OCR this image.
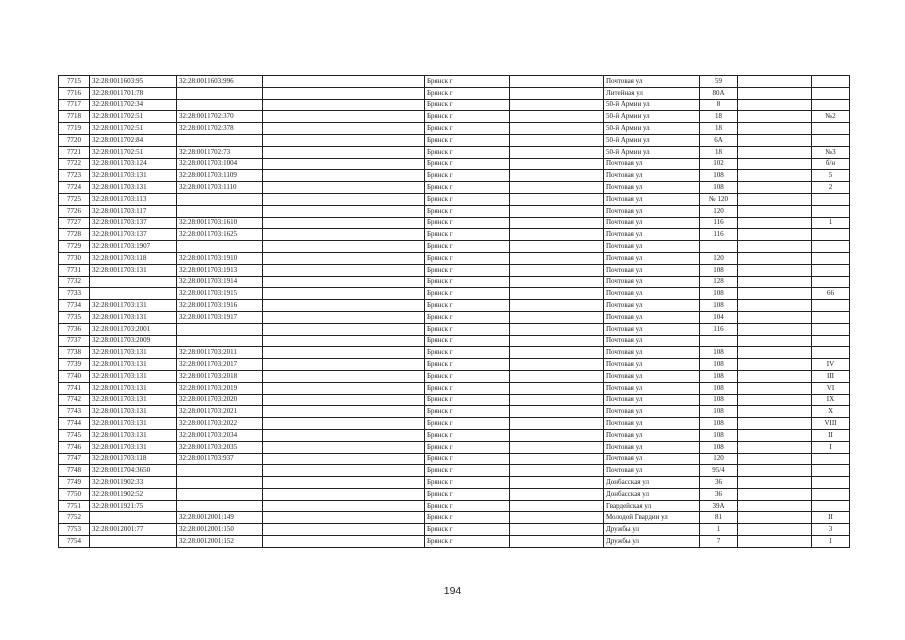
7715	32:28:0011603:95	32:28:0011603:996		Брянск г		Почтовая ул	59		
7716	32:28:0011701:78			Брянск г		Литейная ул	80А		
7717	32:28:0011702:34			Брянск г		50-й Армии ул	8		
7718	32:28:0011702:51	32:28:0011702:370		Брянск г		50-й Армии ул	18		№2
7719	32:28:0011702:51	32:28:0011702:378		Брянск г		50-й Армии ул	18		
7720	32:28:0011702:84			Брянск г		50-й Армии ул	6А		
7721	32:28:0011702:51	32:28:0011702:73		Брянск г		50-й Армии ул	18		№3
7722	32:28:0011703:124	32:28:0011703:1004		Брянск г		Почтовая ул	102		б/н
7723	32:28:0011703:131	32:28:0011703:1109		Брянск г		Почтовая ул	108		5
7724	32:28:0011703:131	32:28:0011703:1110		Брянск г		Почтовая ул	108		2
7725	32:28:0011703:113			Брянск г		Почтовая ул	№ 120		
7726	32:28:0011703:117			Брянск г		Почтовая ул	120		
7727	32:28:0011703:137	32:28:0011703:1610		Брянск г		Почтовая ул	116		1
7728	32:28:0011703:137	32:28:0011703:1625		Брянск г		Почтовая ул	116		
7729	32:28:0011703:1907			Брянск г		Почтовая ул			
7730	32:28:0011703:118	32:28:0011703:1910		Брянск г		Почтовая ул	120		
7731	32:28:0011703:131	32:28:0011703:1913		Брянск г		Почтовая ул	108		
7732		32:28:0011703:1914		Брянск г		Почтовая ул	128		
7733		32:28:0011703:1915		Брянск г		Почтовая ул	108		66
7734	32:28:0011703:131	32:28:0011703:1916		Брянск г		Почтовая ул	108		
7735	32:28:0011703:131	32:28:0011703:1917		Брянск г		Почтовая ул	104		
7736	32:28:0011703:2001			Брянск г		Почтовая ул	116		
7737	32:28:0011703:2009			Брянск г		Почтовая ул			
7738	32:28:0011703:131	32:28:0011703:2011		Брянск г		Почтовая ул	108		
7739	32:28:0011703:131	32:28:0011703:2017		Брянск г		Почтовая ул	108		IV
7740	32:28:0011703:131	32:28:0011703:2018		Брянск г		Почтовая ул	108		III
7741	32:28:0011703:131	32:28:0011703:2019		Брянск г		Почтовая ул	108		VI
7742	32:28:0011703:131	32:28:0011703:2020		Брянск г		Почтовая ул	108		IX
7743	32:28:0011703:131	32:28:0011703:2021		Брянск г		Почтовая ул	108		X
7744	32:28:0011703:131	32:28:0011703:2022		Брянск г		Почтовая ул	108		VIII
7745	32:28:0011703:131	32:28:0011703:2034		Брянск г		Почтовая ул	108		II
7746	32:28:0011703:131	32:28:0011703:2035		Брянск г		Почтовая ул	108		I
7747	32:28:0011703:118	32:28:0011703:937		Брянск г		Почтовая ул	120		
7748	32:28:0011704:3650			Брянск г		Почтовая ул	95/4		
7749	32:28:0011902:33			Брянск г		Донбасская ул	36		
7750	32:28:0011902:52			Брянск г		Донбасская ул	36		
7751	32:28:0011921:75			Брянск г		Гвардейская ул	39А		
7752		32:28:0012001:149		Брянск г		Молодой Гвардии ул	81		II
7753	32:28:0012001:77	32:28:0012001:150		Брянск г		Дружбы ул	1		3
7754		32:28:0012001:152		Брянск г		Дружбы ул	7		1
194
